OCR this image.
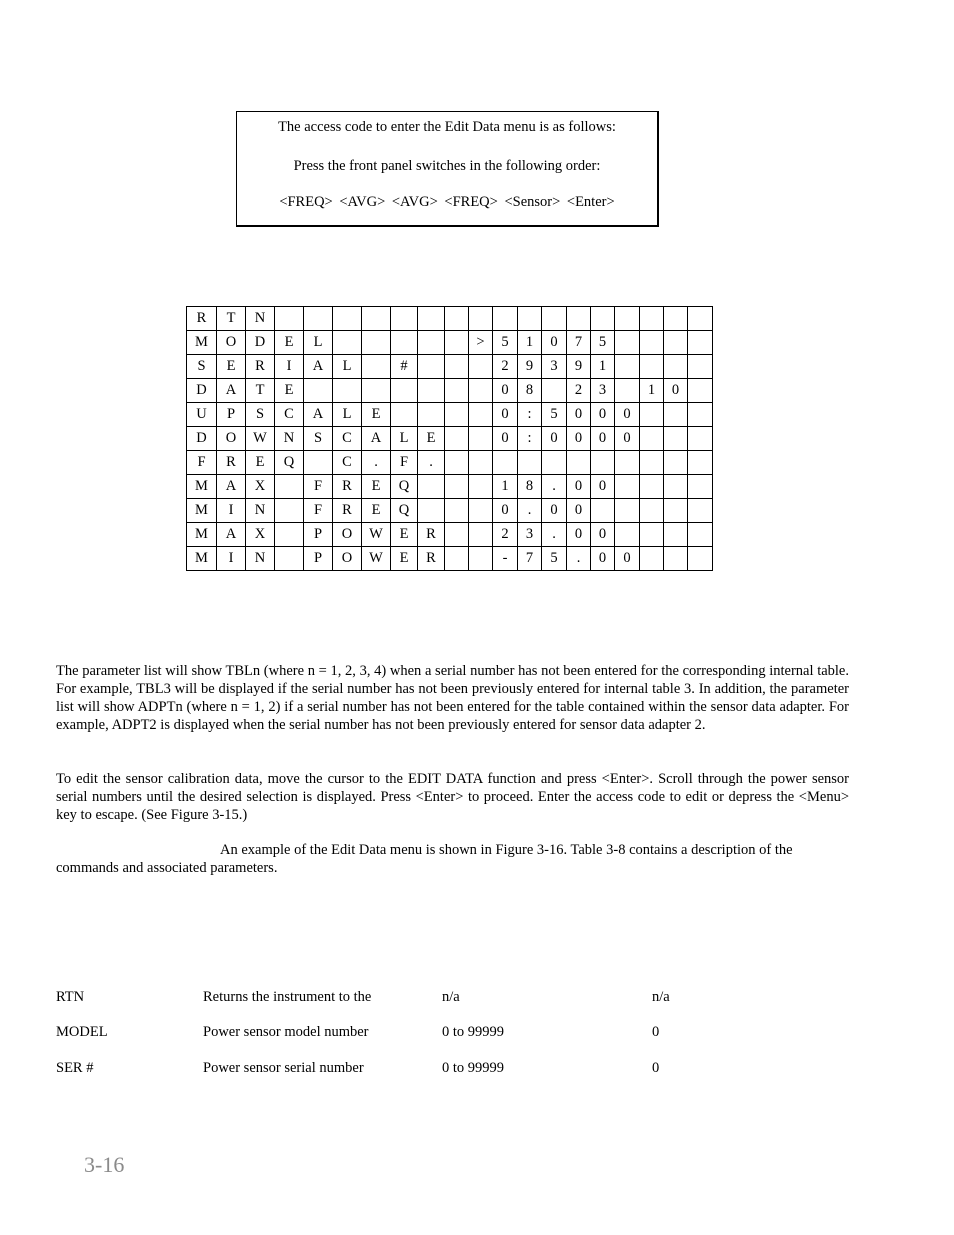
The access code to enter the Edit Data menu is as follows:
Press the front panel switches in the following order:
<FREQ> <AVG> <AVG> <FREQ> <Sensor> <Enter>
R	T	N																	
M	O	D	E	L						>	5	1	0	7	5				
S	E	R	I	A	L		#				2	9	3	9	1				
D	A	T	E								0	8		2	3		1	0	
U	P	S	C	A	L	E					0	:	5	0	0	0			
D	O	W	N	S	C	A	L	E			0	:	0	0	0	0			
F	R	E	Q		C	.	F	.											
M	A	X		F	R	E	Q				1	8	.	0	0				
M	I	N		F	R	E	Q				0	.	0	0					
M	A	X		P	O	W	E	R			2	3	.	0	0				
M	I	N		P	O	W	E	R			-	7	5	.	0	0			

The parameter list will show TBLn (where n = 1, 2, 3, 4) when a serial number has not been entered for the corresponding internal table. For example, TBL3 will be displayed if the serial number has not been previously entered for internal table 3. In addition, the parameter list will show ADPTn (where n = 1, 2) if a serial number has not been entered for the table contained within the sensor data adapter. For example, ADPT2 is displayed when the serial number has not been previously entered for sensor data adapter 2.

To edit the sensor calibration data, move the cursor to the EDIT DATA function and press <Enter>. Scroll through the power sensor serial numbers until the desired selection is displayed. Press <Enter> to proceed. Enter the access code to edit or depress the <Menu> key to escape. (See Figure 3-15.)

An example of the Edit Data menu is shown in Figure 3-16. Table 3-8 contains a description of the
commands and associated parameters.
RTN	Returns the instrument to the	n/a	n/a
MODEL	Power sensor model number	0 to 99999	0
SER #	Power sensor serial number	0 to 99999	0
3-16
